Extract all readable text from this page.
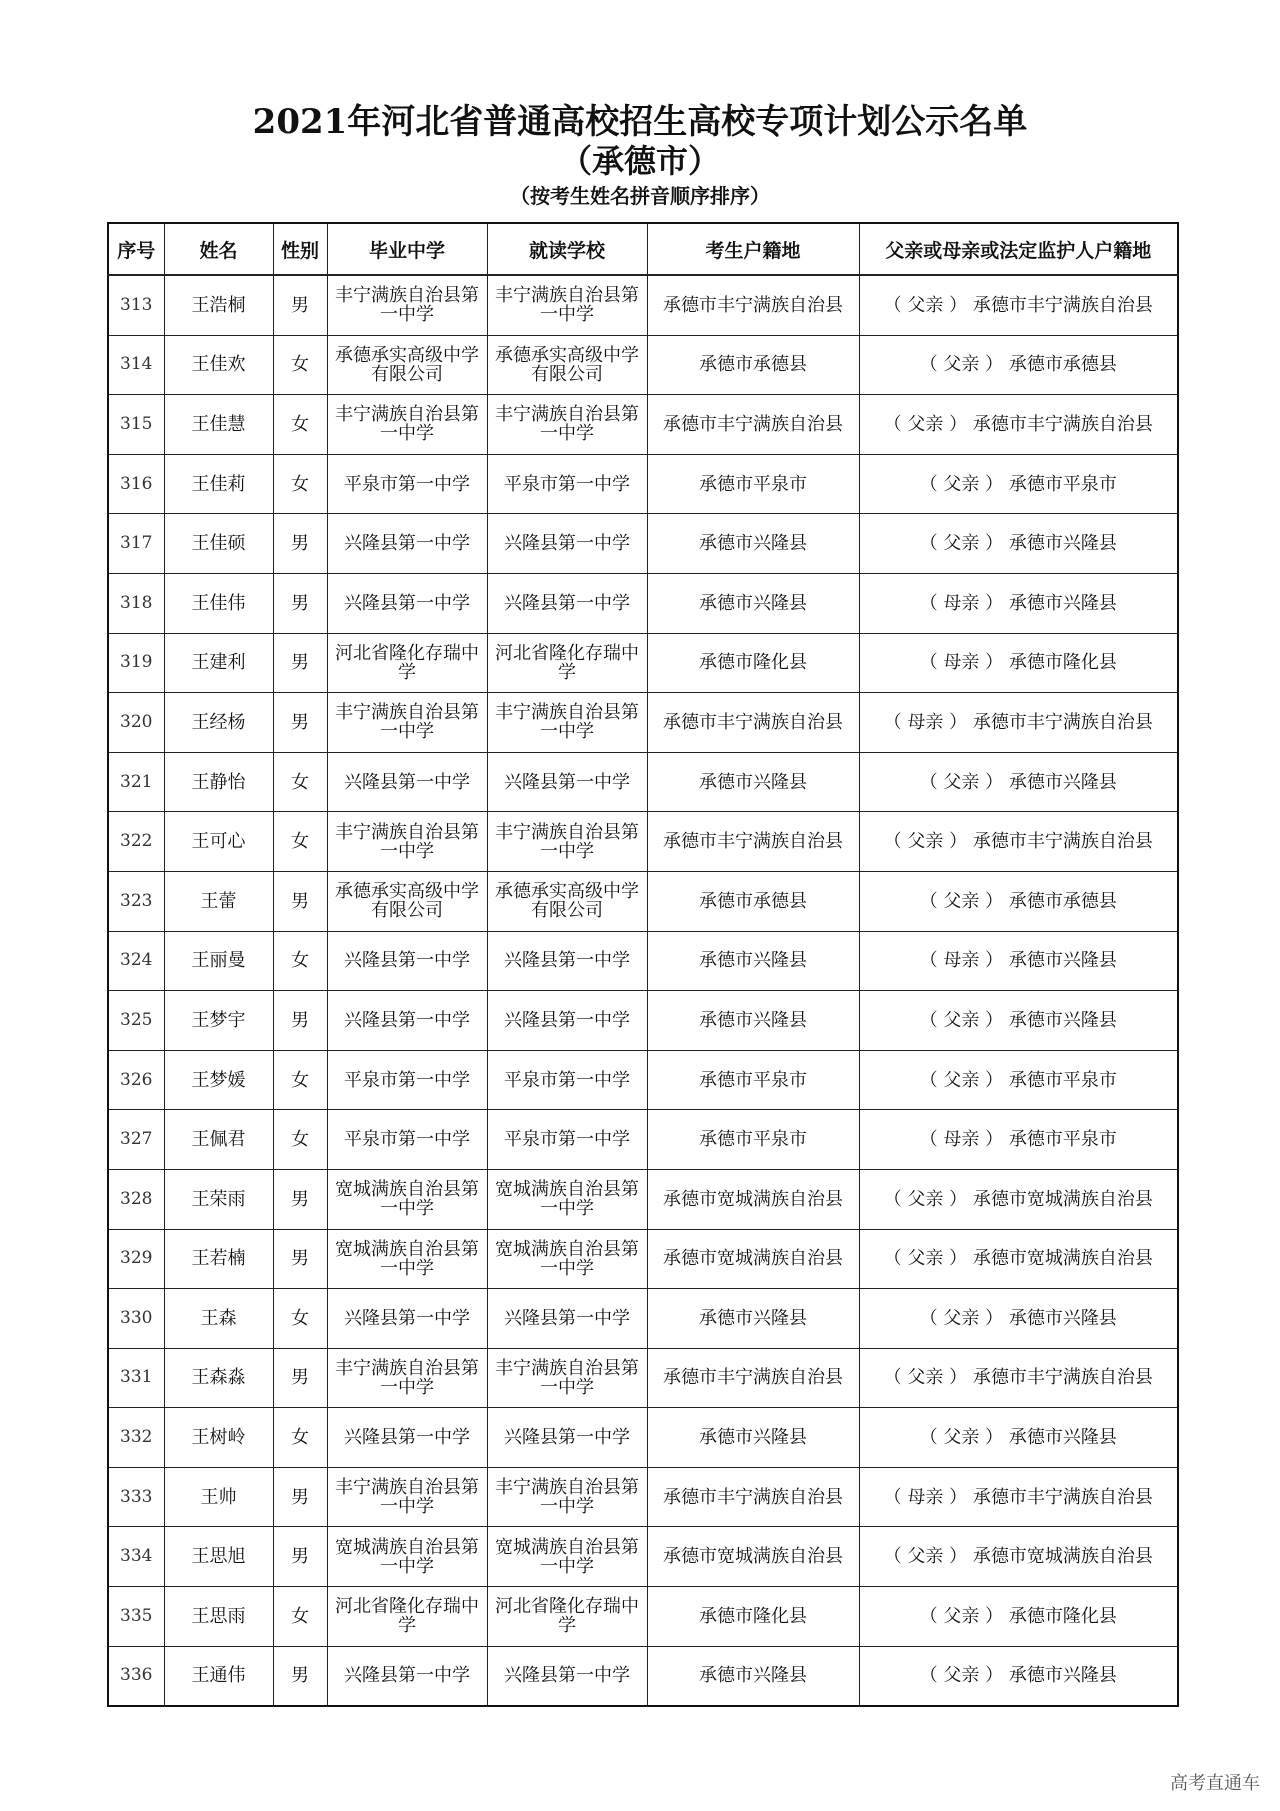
2021年河北省普通高校招生高校专项计划公示名单
（承德市）
（按考生姓名拼音顺序排序）
序号	姓名	性别	毕业中学	就读学校	考生户籍地	父亲或母亲或法定监护人户籍地
313	王浩桐	男	丰宁满族自治县第一中学	丰宁满族自治县第一中学	承德市丰宁满族自治县	（ 父亲 ） 承德市丰宁满族自治县
314	王佳欢	女	承德承实高级中学有限公司	承德承实高级中学有限公司	承德市承德县	（ 父亲 ） 承德市承德县
315	王佳慧	女	丰宁满族自治县第一中学	丰宁满族自治县第一中学	承德市丰宁满族自治县	（ 父亲 ） 承德市丰宁满族自治县
316	王佳莉	女	平泉市第一中学	平泉市第一中学	承德市平泉市	（ 父亲 ） 承德市平泉市
317	王佳硕	男	兴隆县第一中学	兴隆县第一中学	承德市兴隆县	（ 父亲 ） 承德市兴隆县
318	王佳伟	男	兴隆县第一中学	兴隆县第一中学	承德市兴隆县	（ 母亲 ） 承德市兴隆县
319	王建利	男	河北省隆化存瑞中学	河北省隆化存瑞中学	承德市隆化县	（ 母亲 ） 承德市隆化县
320	王经杨	男	丰宁满族自治县第一中学	丰宁满族自治县第一中学	承德市丰宁满族自治县	（ 母亲 ） 承德市丰宁满族自治县
321	王静怡	女	兴隆县第一中学	兴隆县第一中学	承德市兴隆县	（ 父亲 ） 承德市兴隆县
322	王可心	女	丰宁满族自治县第一中学	丰宁满族自治县第一中学	承德市丰宁满族自治县	（ 父亲 ） 承德市丰宁满族自治县
323	王蕾	男	承德承实高级中学有限公司	承德承实高级中学有限公司	承德市承德县	（ 父亲 ） 承德市承德县
324	王丽曼	女	兴隆县第一中学	兴隆县第一中学	承德市兴隆县	（ 母亲 ） 承德市兴隆县
325	王梦宇	男	兴隆县第一中学	兴隆县第一中学	承德市兴隆县	（ 父亲 ） 承德市兴隆县
326	王梦媛	女	平泉市第一中学	平泉市第一中学	承德市平泉市	（ 父亲 ） 承德市平泉市
327	王佩君	女	平泉市第一中学	平泉市第一中学	承德市平泉市	（ 母亲 ） 承德市平泉市
328	王荣雨	男	宽城满族自治县第一中学	宽城满族自治县第一中学	承德市宽城满族自治县	（ 父亲 ） 承德市宽城满族自治县
329	王若楠	男	宽城满族自治县第一中学	宽城满族自治县第一中学	承德市宽城满族自治县	（ 父亲 ） 承德市宽城满族自治县
330	王森	女	兴隆县第一中学	兴隆县第一中学	承德市兴隆县	（ 父亲 ） 承德市兴隆县
331	王森淼	男	丰宁满族自治县第一中学	丰宁满族自治县第一中学	承德市丰宁满族自治县	（ 父亲 ） 承德市丰宁满族自治县
332	王树岭	女	兴隆县第一中学	兴隆县第一中学	承德市兴隆县	（ 父亲 ） 承德市兴隆县
333	王帅	男	丰宁满族自治县第一中学	丰宁满族自治县第一中学	承德市丰宁满族自治县	（ 母亲 ） 承德市丰宁满族自治县
334	王思旭	男	宽城满族自治县第一中学	宽城满族自治县第一中学	承德市宽城满族自治县	（ 父亲 ） 承德市宽城满族自治县
335	王思雨	女	河北省隆化存瑞中学	河北省隆化存瑞中学	承德市隆化县	（ 父亲 ） 承德市隆化县
336	王通伟	男	兴隆县第一中学	兴隆县第一中学	承德市兴隆县	（ 父亲 ） 承德市兴隆县
高考直通车
